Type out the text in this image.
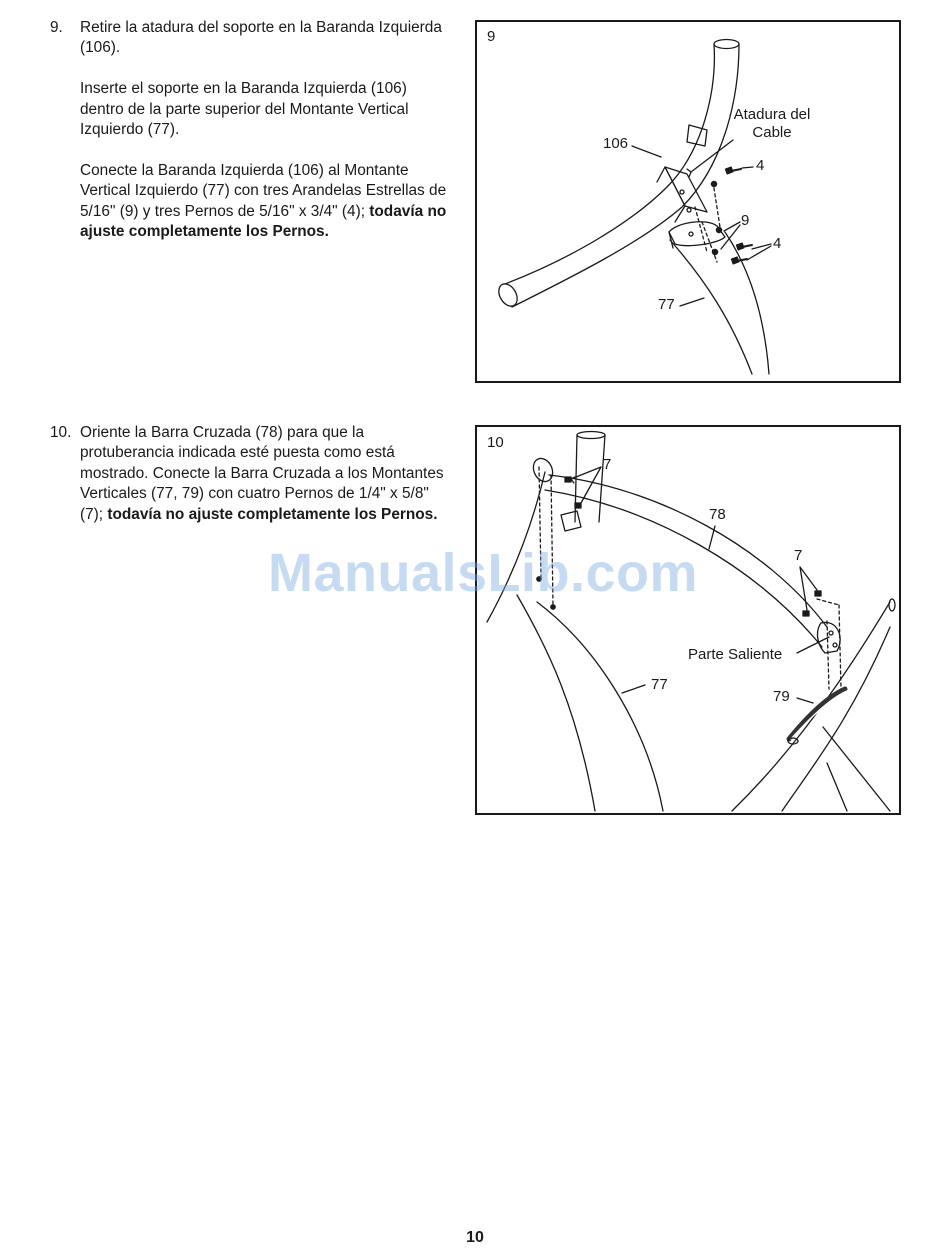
9. Retire la atadura del soporte en la Baranda Izquierda (106).

Inserte el soporte en la Baranda Izquierda (106) dentro de la parte superior del Montante Vertical Izquierdo (77).

Conecte la Baranda Izquierda (106) al Montante Vertical Izquierdo (77) con tres Arandelas Estrellas de 5/16" (9) y tres Pernos de 5/16" x 3/4" (4); todavía no ajuste completamente los Pernos.

10. Oriente la Barra Cruzada (78) para que la protuberancia indicada esté puesta como está mostrado. Conecte la Barra Cruzada a los Montantes Verticales (77, 79) con cuatro Pernos de 1/4" x 5/8" (7); todavía no ajuste completamente los Pernos.

9
Atadura del Cable
106
4
9
4
77
10
7
78
7
Parte Saliente
77
79
ManualsLib.com
10
